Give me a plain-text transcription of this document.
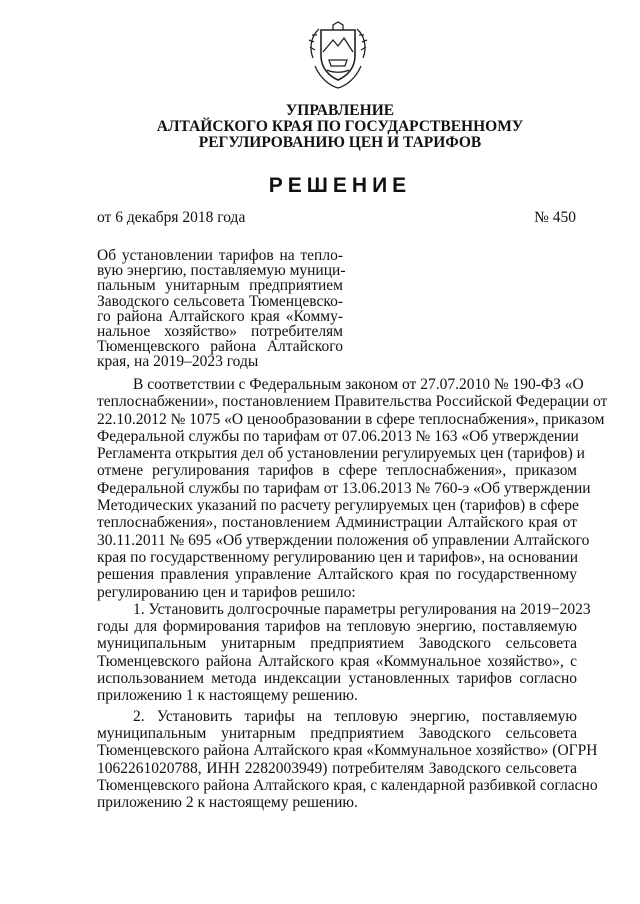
УПРАВЛЕНИЕ
АЛТАЙСКОГО КРАЯ ПО ГОСУДАРСТВЕННОМУ
РЕГУЛИРОВАНИЮ ЦЕН И ТАРИФОВ
РЕШЕНИЕ
от 6 декабря 2018 года	№ 450
Об установлении тарифов на тепло-
вую энергию, поставляемую муници-
пальным унитарным предприятием
Заводского сельсовета Тюменцевско-
го района Алтайского края «Комму-
нальное хозяйство» потребителям
Тюменцевского района Алтайского
края, на 2019–2023 годы
В соответствии с Федеральным законом от 27.07.2010 № 190-ФЗ «О
теплоснабжении», постановлением Правительства Российской Федерации от
22.10.2012 № 1075 «О ценообразовании в сфере теплоснабжения», приказом
Федеральной службы по тарифам от 07.06.2013 № 163 «Об утверждении
Регламента открытия дел об установлении регулируемых цен (тарифов) и
отмене регулирования тарифов в сфере теплоснабжения», приказом
Федеральной службы по тарифам от 13.06.2013 № 760-э «Об утверждении
Методических указаний по расчету регулируемых цен (тарифов) в сфере
теплоснабжения», постановлением Администрации Алтайского края от
30.11.2011 № 695 «Об утверждении положения об управлении Алтайского
края по государственному регулированию цен и тарифов», на основании
решения правления управление Алтайского края по государственному
регулированию цен и тарифов решило:
1. Установить долгосрочные параметры регулирования на 2019−2023
годы для формирования тарифов на тепловую энергию, поставляемую
муниципальным унитарным предприятием Заводского сельсовета
Тюменцевского района Алтайского края «Коммунальное хозяйство», с
использованием метода индексации установленных тарифов согласно
приложению 1 к настоящему решению.
2. Установить тарифы на тепловую энергию, поставляемую
муниципальным унитарным предприятием Заводского сельсовета
Тюменцевского района Алтайского края «Коммунальное хозяйство» (ОГРН
1062261020788, ИНН 2282003949) потребителям Заводского сельсовета
Тюменцевского района Алтайского края, с календарной разбивкой согласно
приложению 2 к настоящему решению.
